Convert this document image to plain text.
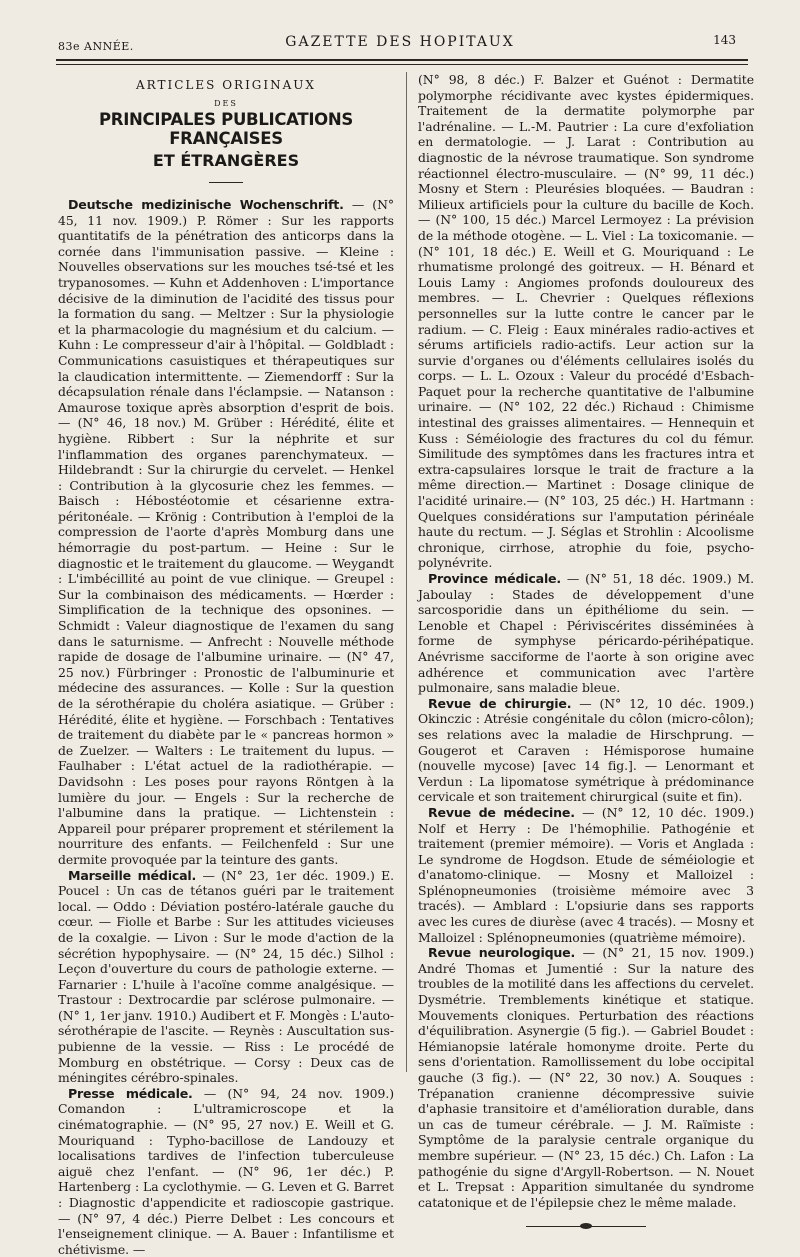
83e ANNÉE.	GAZETTE DES HOPITAUX	143
ARTICLES ORIGINAUX
DES
PRINCIPALES PUBLICATIONS FRANÇAISES
ET ÉTRANGÈRES

Deutsche medizinische Wochenschrift. — (N° 45, 11 nov. 1909.) P. Römer : Sur les rapports quantitatifs de la pénétration des anticorps dans la cornée dans l'immunisation passive. — Kleine : Nouvelles observations sur les mouches tsé-tsé et les trypanosomes. — Kuhn et Addenhoven : L'importance décisive de la diminution de l'acidité des tissus pour la formation du sang. — Meltzer : Sur la physiologie et la pharmacologie du magnésium et du calcium. — Kuhn : Le compresseur d'air à l'hôpital. — Goldbladt : Communications casuistiques et thérapeutiques sur la claudication intermittente. — Ziemendorff : Sur la décapsulation rénale dans l'éclampsie. — Natanson : Amaurose toxique après absorption d'esprit de bois. — (N° 46, 18 nov.) M. Grüber : Hérédité, élite et hygiène. Ribbert : Sur la néphrite et sur l'inflammation des organes parenchymateux. — Hildebrandt : Sur la chirurgie du cervelet. — Henkel : Contribution à la glycosurie chez les femmes. — Baisch : Hébostéotomie et césarienne extra-péritonéale. — Krönig : Contribution à l'emploi de la compression de l'aorte d'après Momburg dans une hémorragie du post-partum. — Heine : Sur le diagnostic et le traitement du glaucome. — Weygandt : L'imbécillité au point de vue clinique. — Greupel : Sur la combinaison des médicaments. — Hœrder : Simplification de la technique des opsonines. — Schmidt : Valeur diagnostique de l'examen du sang dans le saturnisme. — Anfrecht : Nouvelle méthode rapide de dosage de l'albumine urinaire. — (N° 47, 25 nov.) Fürbringer : Pronostic de l'albuminurie et médecine des assurances. — Kolle : Sur la question de la sérothérapie du choléra asiatique. — Grüber : Hérédité, élite et hygiène. — Forschbach : Tentatives de traitement du diabète par le « pancreas hormon » de Zuelzer. — Walters : Le traitement du lupus. — Faulhaber : L'état actuel de la radiothérapie. — Davidsohn : Les poses pour rayons Röntgen à la lumière du jour. — Engels : Sur la recherche de l'albumine dans la pratique. — Lichtenstein : Appareil pour préparer proprement et stérilement la nourriture des enfants. — Feilchenfeld : Sur une dermite provoquée par la teinture des gants.

Marseille médical. — (N° 23, 1er déc. 1909.) E. Poucel : Un cas de tétanos guéri par le traitement local. — Oddo : Déviation postéro-latérale gauche du cœur. — Fiolle et Barbe : Sur les attitudes vicieuses de la coxalgie. — Livon : Sur le mode d'action de la sécrétion hypophysaire. — (N° 24, 15 déc.) Silhol : Leçon d'ouverture du cours de pathologie externe. — Farnarier : L'huile à l'acoïne comme analgésique. — Trastour : Dextrocardie par sclérose pulmonaire. — (N° 1, 1er janv. 1910.) Audibert et F. Mongès : L'auto-sérothérapie de l'ascite. — Reynès : Auscultation sus-pubienne de la vessie. — Riss : Le procédé de Momburg en obstétrique. — Corsy : Deux cas de méningites cérébro-spinales.

Presse médicale. — (N° 94, 24 nov. 1909.) Comandon : L'ultramicroscope et la cinématographie. — (N° 95, 27 nov.) E. Weill et G. Mouriquand : Typho-bacillose de Landouzy et localisations tardives de l'infection tuberculeuse aiguë chez l'enfant. — (N° 96, 1er déc.) P. Hartenberg : La cyclothymie. — G. Leven et G. Barret : Diagnostic d'appendicite et radioscopie gastrique. — (N° 97, 4 déc.) Pierre Delbet : Les concours et l'enseignement clinique. — A. Bauer : Infantilisme et chétivisme. —

(N° 98, 8 déc.) F. Balzer et Guénot : Dermatite polymorphe récidivante avec kystes épidermiques. Traitement de la dermatite polymorphe par l'adrénaline. — L.-M. Pautrier : La cure d'exfoliation en dermatologie. — J. Larat : Contribution au diagnostic de la névrose traumatique. Son syndrome réactionnel électro-musculaire. — (N° 99, 11 déc.) Mosny et Stern : Pleurésies bloquées. — Baudran : Milieux artificiels pour la culture du bacille de Koch. — (N° 100, 15 déc.) Marcel Lermoyez : La prévision de la méthode otogène. — L. Viel : La toxicomanie. — (N° 101, 18 déc.) E. Weill et G. Mouriquand : Le rhumatisme prolongé des goitreux. — H. Bénard et Louis Lamy : Angiomes profonds douloureux des membres. — L. Chevrier : Quelques réflexions personnelles sur la lutte contre le cancer par le radium. — C. Fleig : Eaux minérales radio-actives et sérums artificiels radio-actifs. Leur action sur la survie d'organes ou d'éléments cellulaires isolés du corps. — L. L. Ozoux : Valeur du procédé d'Esbach-Paquet pour la recherche quantitative de l'albumine urinaire. — (N° 102, 22 déc.) Richaud : Chimisme intestinal des graisses alimentaires. — Hennequin et Kuss : Séméiologie des fractures du col du fémur. Similitude des symptômes dans les fractures intra et extra-capsulaires lorsque le trait de fracture a la même direction.— Martinet : Dosage clinique de l'acidité urinaire.— (N° 103, 25 déc.) H. Hartmann : Quelques considérations sur l'amputation périnéale haute du rectum. — J. Séglas et Strohlin : Alcoolisme chronique, cirrhose, atrophie du foie, psycho-polynévrite.

Province médicale. — (N° 51, 18 déc. 1909.) M. Jaboulay : Stades de développement d'une sarcosporidie dans un épithéliome du sein. — Lenoble et Chapel : Périviscérites disséminées à forme de symphyse péricardo-périhépatique. Anévrisme sacciforme de l'aorte à son origine avec adhérence et communication avec l'artère pulmonaire, sans maladie bleue.

Revue de chirurgie. — (N° 12, 10 déc. 1909.) Okinczic : Atrésie congénitale du côlon (micro-côlon); ses relations avec la maladie de Hirschprung. — Gougerot et Caraven : Hémisporose humaine (nouvelle mycose) [avec 14 fig.]. — Lenormant et Verdun : La lipomatose symétrique à prédominance cervicale et son traitement chirurgical (suite et fin).

Revue de médecine. — (N° 12, 10 déc. 1909.) Nolf et Herry : De l'hémophilie. Pathogénie et traitement (premier mémoire). — Voris et Anglada : Le syndrome de Hogdson. Etude de séméiologie et d'anatomo-clinique. — Mosny et Malloizel : Splénopneumonies (troisième mémoire avec 3 tracés). — Amblard : L'opsiurie dans ses rapports avec les cures de diurèse (avec 4 tracés). — Mosny et Malloizel : Splénopneumonies (quatrième mémoire).

Revue neurologique. — (N° 21, 15 nov. 1909.) André Thomas et Jumentié : Sur la nature des troubles de la motilité dans les affections du cervelet. Dysmétrie. Tremblements kinétique et statique. Mouvements cloniques. Perturbation des réactions d'équilibration. Asynergie (5 fig.). — Gabriel Boudet : Hémianopsie latérale homonyme droite. Perte du sens d'orientation. Ramollissement du lobe occipital gauche (3 fig.). — (N° 22, 30 nov.) A. Souques : Trépanation cranienne décompressive suivie d'aphasie transitoire et d'amélioration durable, dans un cas de tumeur cérébrale. — J. M. Raïmiste : Symptôme de la paralysie centrale organique du membre supérieur. — (N° 23, 15 déc.) Ch. Lafon : La pathogénie du signe d'Argyll-Robertson. — N. Nouet et L. Trepsat : Apparition simultanée du syndrome catatonique et de l'épilepsie chez le même malade.
